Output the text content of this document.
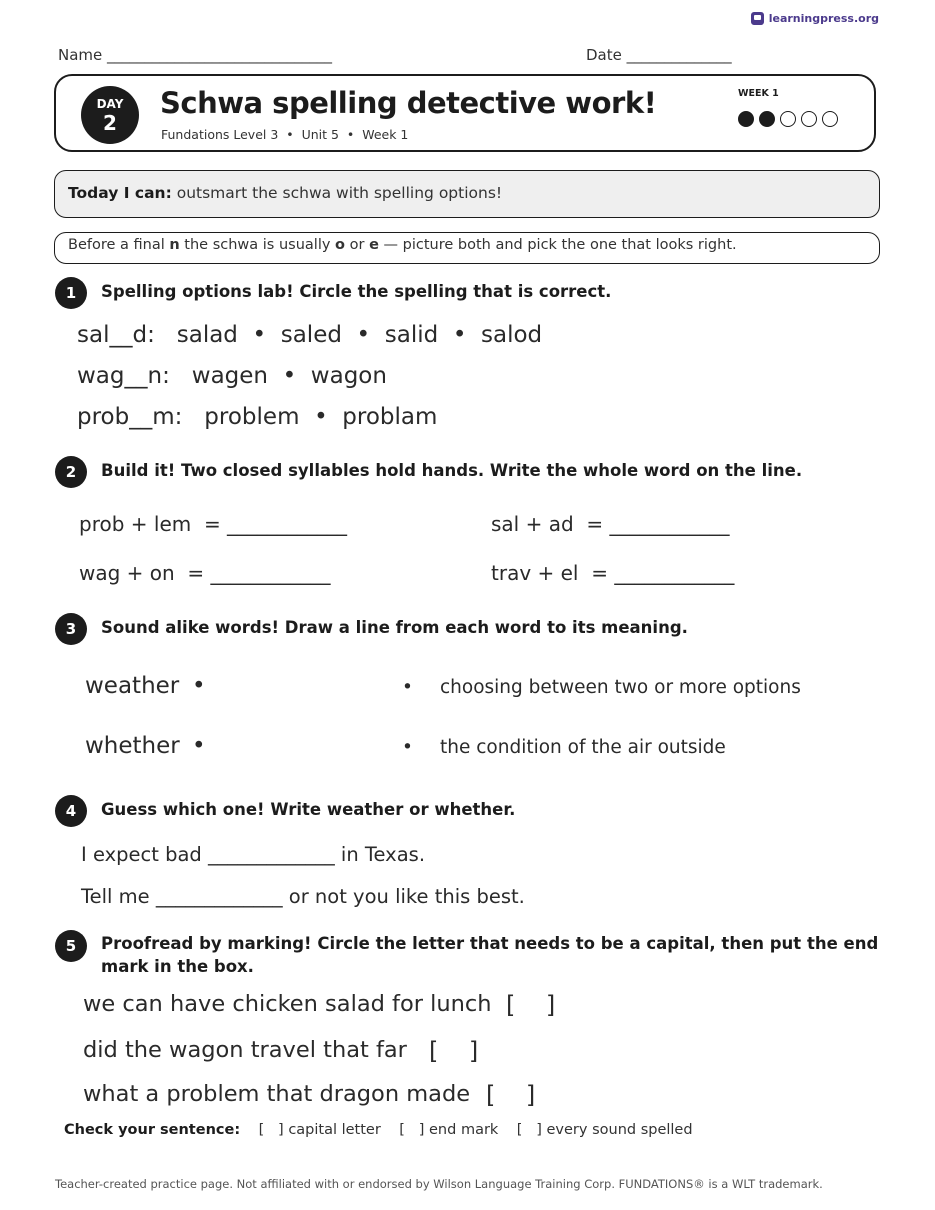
learningpress.org
Name ______________________________	Date ______________
DAY
2
Schwa spelling detective work!
Fundations Level 3  •  Unit 5  •  Week 1
WEEK 1
Today I can: outsmart the schwa with spelling options!
Before a final n the schwa is usually o or e — picture both and pick the one that looks right.
1	Spelling options lab! Circle the spelling that is correct.
sal__d:   salad  •  saled  •  salid  •  salod
wag__n:   wagen  •  wagon
prob__m:   problem  •  problam
2	Build it! Two closed syllables hold hands. Write the whole word on the line.
prob + lem  = ____________	sal + ad  = ____________
wag + on  = ____________	trav + el  = ____________
3	Sound alike words! Draw a line from each word to its meaning.
weather •	• choosing between two or more options
whether •	• the condition of the air outside
4	Guess which one! Write weather or whether.
I expect bad _____________ in Texas.
Tell me _____________ or not you like this best.
5	Proofread by marking! Circle the letter that needs to be a capital, then put the end
mark in the box.
we can have chicken salad for lunch [    ]
did the wagon travel that far [    ]
what a problem that dragon made [    ]
Check your sentence: [   ] capital letter [   ] end mark [   ] every sound spelled
Teacher-created practice page. Not affiliated with or endorsed by Wilson Language Training Corp. FUNDATIONS® is a WLT trademark.
